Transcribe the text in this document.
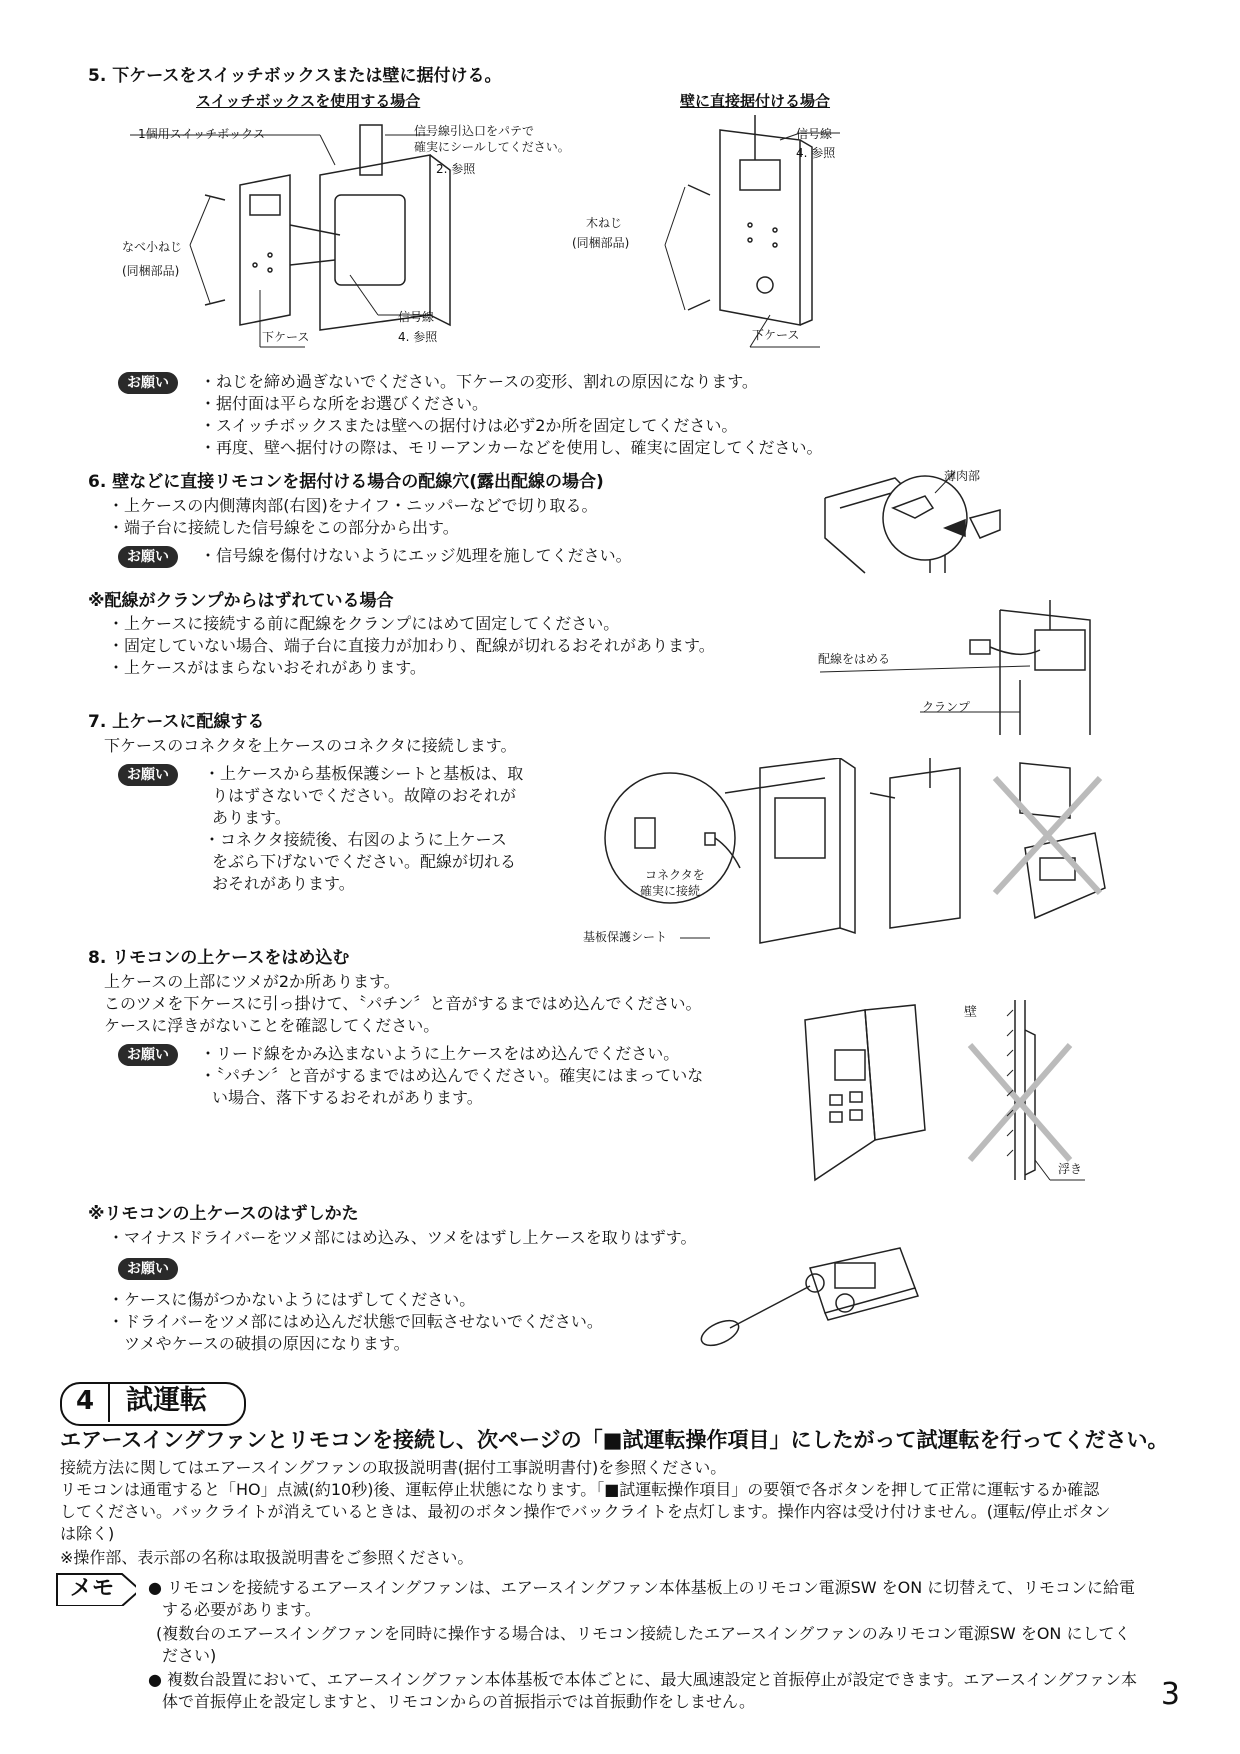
5. 下ケースをスイッチボックスまたは壁に据付ける。
スイッチボックスを使用する場合	壁に直接据付ける場合
1個用スイッチボックス	信号線引込口をパテで
確実にシールしてください。
2. 参照
なべ小ねじ
(同梱部品)
下ケース
信号線
4. 参照
信号線
4. 参照
木ねじ
(同梱部品)
下ケース
お願い	・ねじを締め過ぎないでください。下ケースの変形、割れの原因になります。
・据付面は平らな所をお選びください。
・スイッチボックスまたは壁への据付けは必ず2か所を固定してください。
・再度、壁へ据付けの際は、モリーアンカーなどを使用し、確実に固定してください。
6. 壁などに直接リモコンを据付ける場合の配線穴(露出配線の場合)
・上ケースの内側薄肉部(右図)をナイフ・ニッパーなどで切り取る。
・端子台に接続した信号線をこの部分から出す。
お願い	・信号線を傷付けないようにエッジ処理を施してください。
薄肉部
※配線がクランプからはずれている場合
・上ケースに接続する前に配線をクランプにはめて固定してください。
・固定していない場合、端子台に直接力が加わり、配線が切れるおそれがあります。
・上ケースがはまらないおそれがあります。	配線をはめる
クランプ
7. 上ケースに配線する
下ケースのコネクタを上ケースのコネクタに接続します。
お願い	・上ケースから基板保護シートと基板は、取
りはずさないでください。故障のおそれが
あります。
・コネクタ接続後、右図のように上ケース
をぶら下げないでください。配線が切れる
おそれがあります。	コネクタを
確実に接続
基板保護シート
8. リモコンの上ケースをはめ込む
上ケースの上部にツメが2か所あります。
このツメを下ケースに引っ掛けて、〝パチン〞と音がするまではめ込んでください。
ケースに浮きがないことを確認してください。
お願い	・リード線をかみ込まないように上ケースをはめ込んでください。
・〝パチン〞と音がするまではめ込んでください。確実にはまっていな
い場合、落下するおそれがあります。
壁
浮き
※リモコンの上ケースのはずしかた
・マイナスドライバーをツメ部にはめ込み、ツメをはずし上ケースを取りはずす。
お願い
・ケースに傷がつかないようにはずしてください。
・ドライバーをツメ部にはめ込んだ状態で回転させないでください。
ツメやケースの破損の原因になります。
4 試運転
エアースイングファンとリモコンを接続し、次ページの「■試運転操作項目」にしたがって試運転を行ってください。
接続方法に関してはエアースイングファンの取扱説明書(据付工事説明書付)を参照ください。
リモコンは通電すると「HO」点滅(約10秒)後、運転停止状態になります。「■試運転操作項目」の要領で各ボタンを押して正常に運転するか確認
してください。バックライトが消えているときは、最初のボタン操作でバックライトを点灯します。操作内容は受け付けません。(運転/停止ボタン
は除く)
※操作部、表示部の名称は取扱説明書をご参照ください。
メモ ● リモコンを接続するエアースイングファンは、エアースイングファン本体基板上のリモコン電源SW をON に切替えて、リモコンに給電
する必要があります。
(複数台のエアースイングファンを同時に操作する場合は、リモコン接続したエアースイングファンのみリモコン電源SW をON にしてく
ださい)
● 複数台設置において、エアースイングファン本体基板で本体ごとに、最大風速設定と首振停止が設定できます。エアースイングファン本
体で首振停止を設定しますと、リモコンからの首振指示では首振動作をしません。	3
